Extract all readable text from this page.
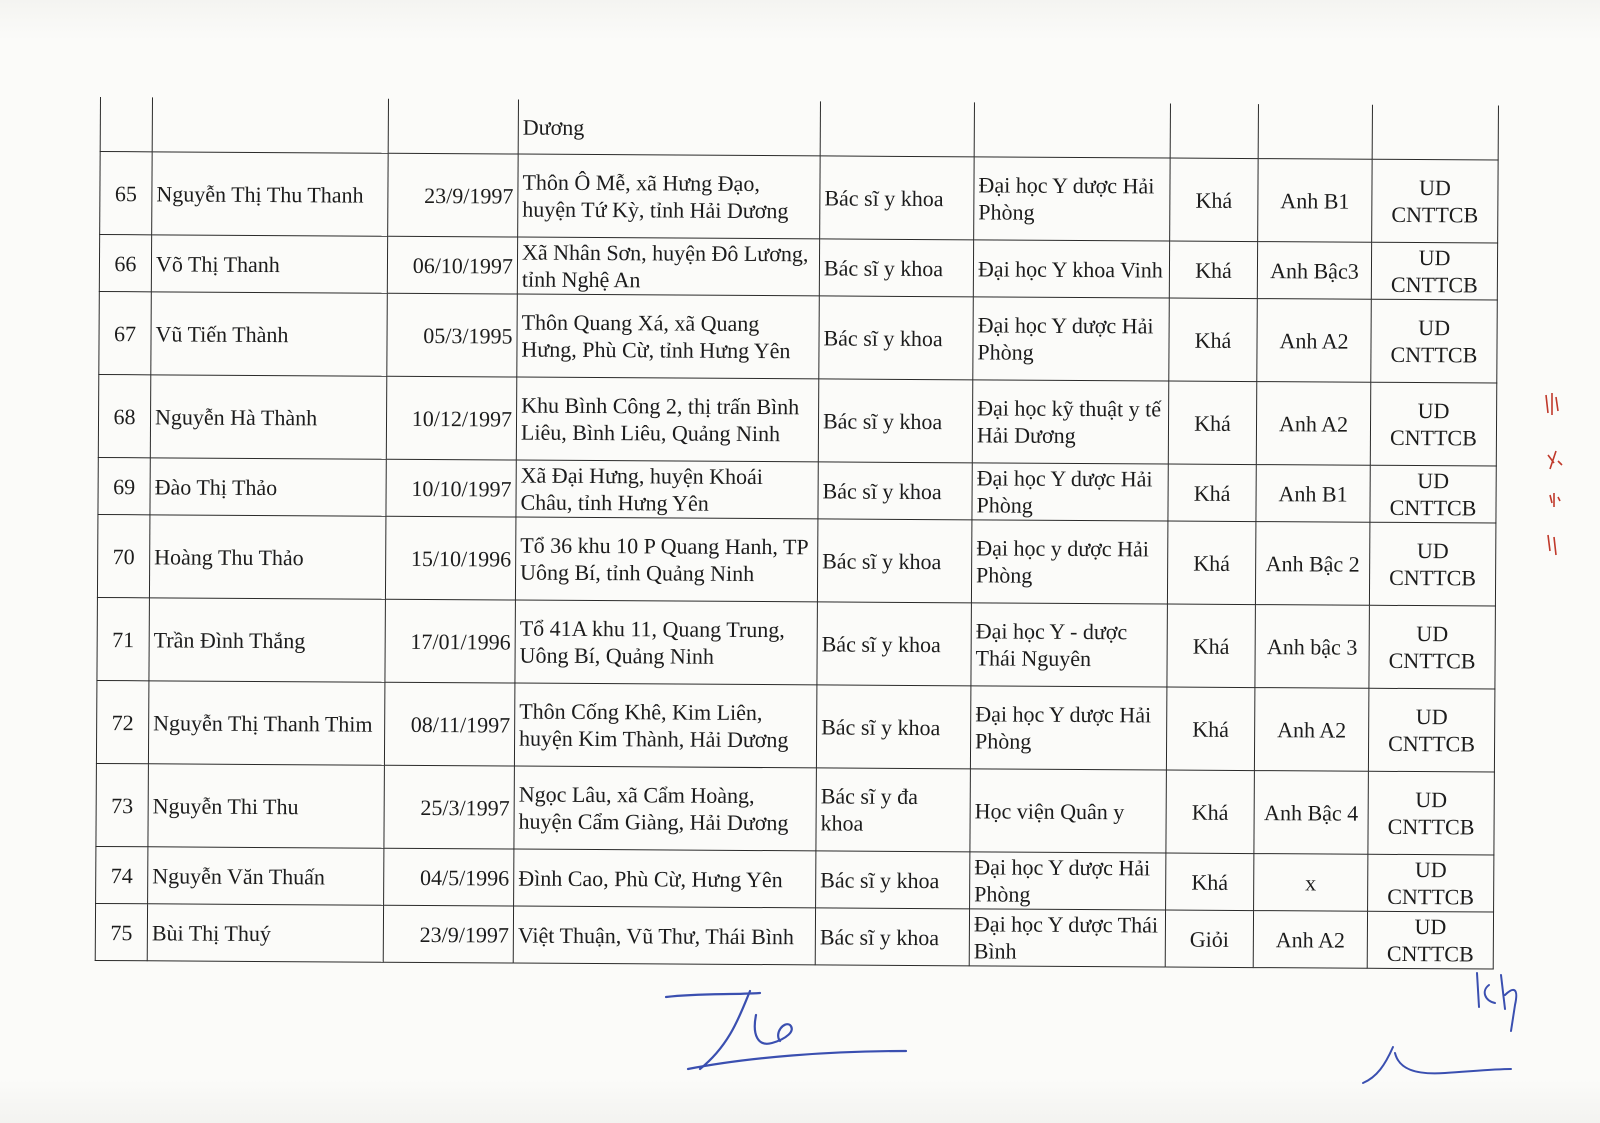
			Dương					
65	Nguyễn Thị Thu Thanh	23/9/1997	Thôn Ô Mễ, xã Hưng Đạo, huyện Tứ Kỳ, tỉnh Hải Dương	Bác sĩ y khoa	Đại học Y dược Hải Phòng	Khá	Anh B1	UD CNTTCB
66	Võ Thị Thanh	06/10/1997	Xã Nhân Sơn, huyện Đô Lương, tỉnh Nghệ An	Bác sĩ y khoa	Đại học Y khoa Vinh	Khá	Anh Bậc3	UD CNTTCB
67	Vũ Tiến Thành	05/3/1995	Thôn Quang Xá, xã Quang Hưng, Phù Cừ, tỉnh Hưng Yên	Bác sĩ y khoa	Đại học Y dược Hải Phòng	Khá	Anh A2	UD CNTTCB
68	Nguyễn Hà Thành	10/12/1997	Khu Bình Công 2, thị trấn Bình Liêu, Bình Liêu, Quảng Ninh	Bác sĩ y khoa	Đại học kỹ thuật y tế Hải Dương	Khá	Anh A2	UD CNTTCB
69	Đào Thị Thảo	10/10/1997	Xã Đại Hưng, huyện Khoái Châu, tỉnh Hưng Yên	Bác sĩ y khoa	Đại học Y dược Hải Phòng	Khá	Anh B1	UD CNTTCB
70	Hoàng Thu Thảo	15/10/1996	Tổ 36 khu 10 P Quang Hanh, TP Uông Bí, tỉnh Quảng Ninh	Bác sĩ y khoa	Đại học y dược Hải Phòng	Khá	Anh Bậc 2	UD CNTTCB
71	Trần Đình Thắng	17/01/1996	Tổ 41A khu 11, Quang Trung, Uông Bí, Quảng Ninh	Bác sĩ y khoa	Đại học Y - dược Thái Nguyên	Khá	Anh bậc 3	UD CNTTCB
72	Nguyễn Thị Thanh Thim	08/11/1997	Thôn Cống Khê, Kim Liên, huyện Kim Thành, Hải Dương	Bác sĩ y khoa	Đại học Y dược Hải Phòng	Khá	Anh A2	UD CNTTCB
73	Nguyễn Thi Thu	25/3/1997	Ngọc Lâu, xã Cẩm Hoàng, huyện Cẩm Giàng, Hải Dương	Bác sĩ y đa khoa	Học viện Quân y	Khá	Anh Bậc 4	UD CNTTCB
74	Nguyễn Văn Thuấn	04/5/1996	Đình Cao, Phù Cừ, Hưng Yên	Bác sĩ y khoa	Đại học Y dược Hải Phòng	Khá	x	UD CNTTCB
75	Bùi Thị Thuý	23/9/1997	Việt Thuận, Vũ Thư, Thái Bình	Bác sĩ y khoa	Đại học Y dược Thái Bình	Giỏi	Anh A2	UD CNTTCB
